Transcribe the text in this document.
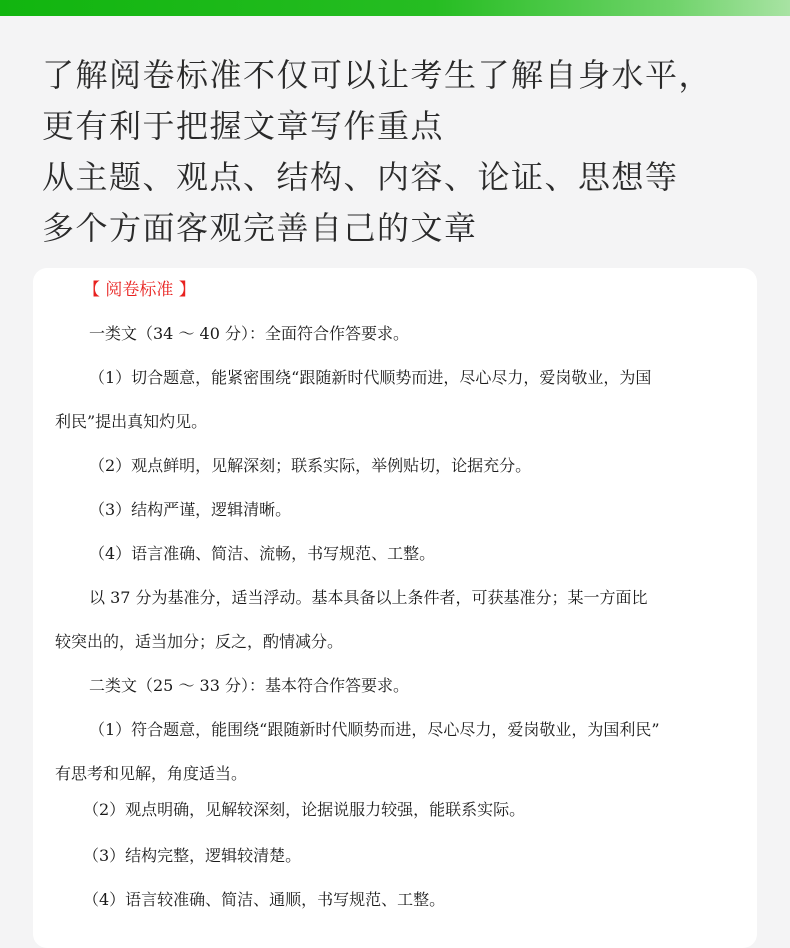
了解阅卷标准不仅可以让考生了解自身水平，
更有利于把握文章写作重点
从主题、观点、结构、内容、论证、思想等
多个方面客观完善自己的文章
【 阅卷标准 】
一类文（34 ～ 40 分）：全面符合作答要求。
（1）切合题意，能紧密围绕“跟随新时代顺势而进，尽心尽力，爱岗敬业，为国
利民”提出真知灼见。
（2）观点鲜明，见解深刻；联系实际，举例贴切，论据充分。
（3）结构严谨，逻辑清晰。
（4）语言准确、简洁、流畅，书写规范、工整。
以 37 分为基准分，适当浮动。基本具备以上条件者，可获基准分；某一方面比
较突出的，适当加分；反之，酌情减分。
二类文（25 ～ 33 分）：基本符合作答要求。
（1）符合题意，能围绕“跟随新时代顺势而进，尽心尽力，爱岗敬业，为国利民”
有思考和见解，角度适当。
（2）观点明确，见解较深刻，论据说服力较强，能联系实际。
（3）结构完整，逻辑较清楚。
（4）语言较准确、简洁、通顺，书写规范、工整。
